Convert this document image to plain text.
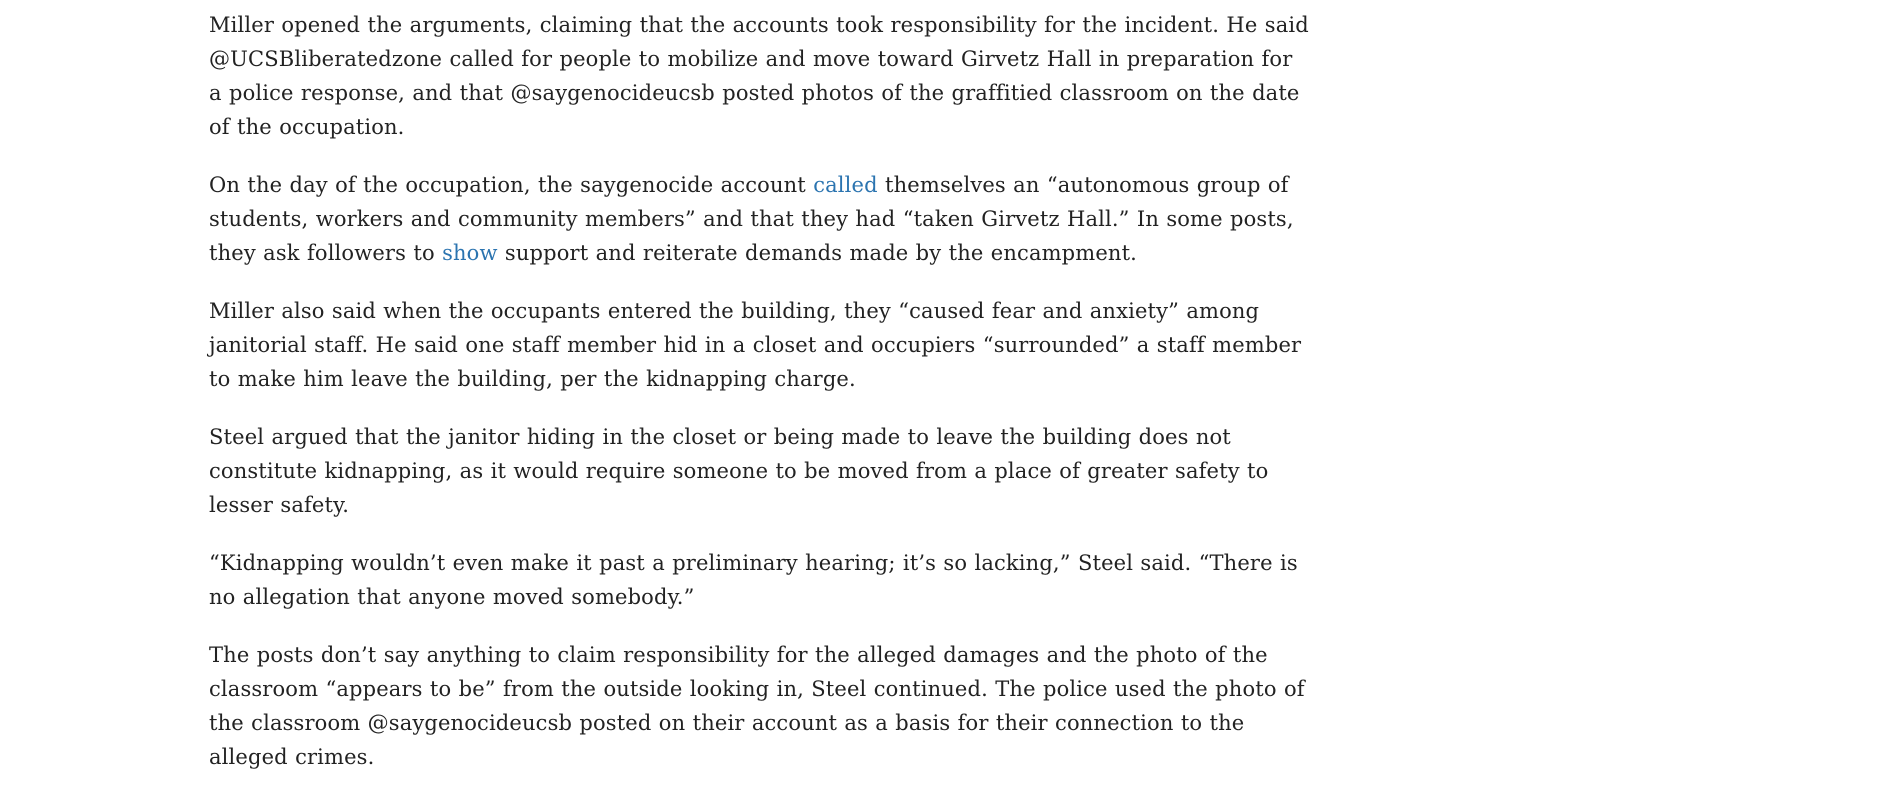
Miller opened the arguments, claiming that the accounts took responsibility for the incident. He said @UCSBliberatedzone called for people to mobilize and move toward Girvetz Hall in preparation for a police response, and that @saygenocideucsb posted photos of the graffitied classroom on the date of the occupation.

On the day of the occupation, the saygenocide account called themselves an “autonomous group of students, workers and community members” and that they had “taken Girvetz Hall.” In some posts, they ask followers to show support and reiterate demands made by the encampment.

Miller also said when the occupants entered the building, they “caused fear and anxiety” among janitorial staff. He said one staff member hid in a closet and occupiers “surrounded” a staff member to make him leave the building, per the kidnapping charge.

Steel argued that the janitor hiding in the closet or being made to leave the building does not constitute kidnapping, as it would require someone to be moved from a place of greater safety to lesser safety.

“Kidnapping wouldn’t even make it past a preliminary hearing; it’s so lacking,” Steel said. “There is no allegation that anyone moved somebody.”

The posts don’t say anything to claim responsibility for the alleged damages and the photo of the classroom “appears to be” from the outside looking in, Steel continued. The police used the photo of the classroom @saygenocideucsb posted on their account as a basis for their connection to the alleged crimes.
